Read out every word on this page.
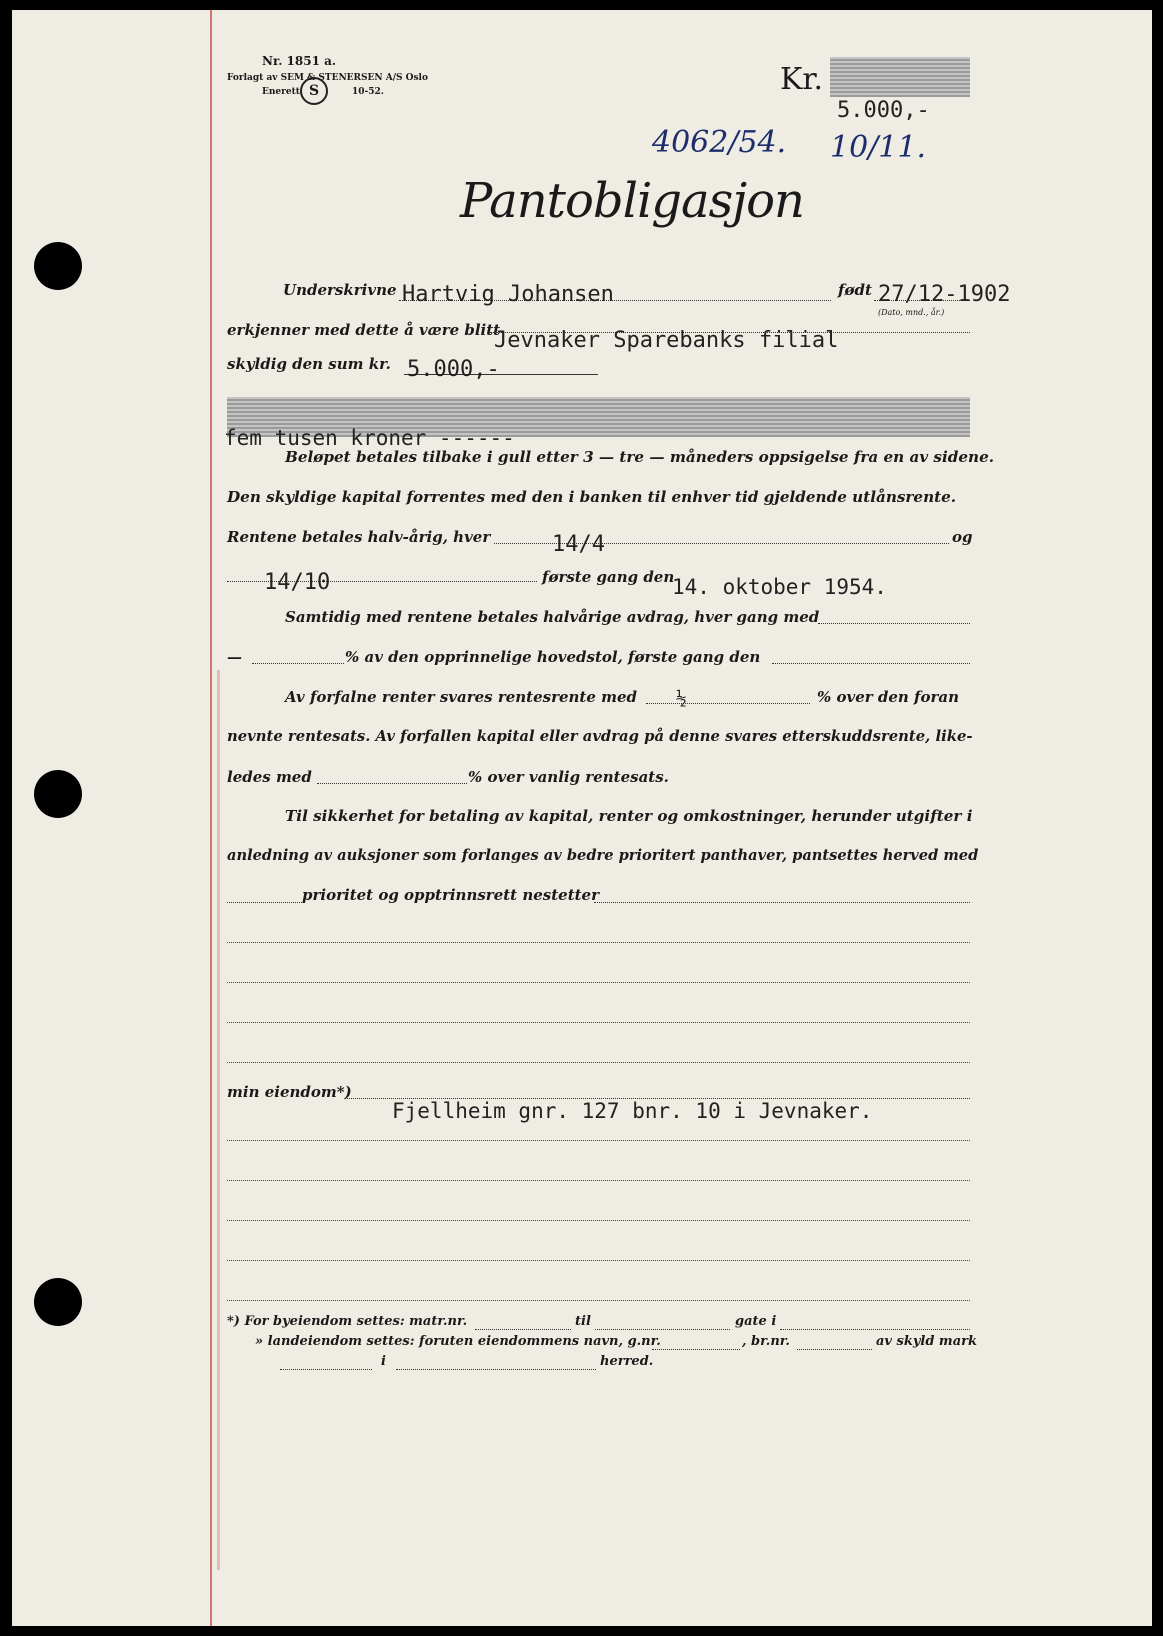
Nr. 1851 a.
Forlagt av SEM & STENERSEN A/S Oslo
Enerett	10-52.
S	Kr.
5.000,-
4062/54. 10/11.
Pantobligasjon
Underskrivne Hartvig Johansen	født 27/12-1902
(Dato, mnd., år.)
erkjenner med dette å være blitt
Jevnaker Sparebanks filial
skyldig den sum kr. 5.000,-
fem tusen kroner ------
Beløpet betales tilbake i gull etter 3 — tre — måneders oppsigelse fra en av sidene.
Den skyldige kapital forrentes med den i banken til enhver tid gjeldende utlånsrente.
Rentene betales halv-årig, hver	14/4	og
14/10	første gang den
14. oktober 1954.
Samtidig med rentene betales halvårige avdrag, hver gang med
—	% av den opprinnelige hovedstol, første gang den
Av forfalne renter svares rentesrente med ½	% over den foran
nevnte rentesats. Av forfallen kapital eller avdrag på denne svares etterskuddsrente, like-
ledes med	% over vanlig rentesats.
Til sikkerhet for betaling av kapital, renter og omkostninger, herunder utgifter i
anledning av auksjoner som forlanges av bedre prioritert panthaver, pantsettes herved med
prioritet og opptrinnsrett nestetter
min eiendom*)
Fjellheim gnr. 127 bnr. 10 i Jevnaker.
*) For byeiendom settes: matr.nr.	til	gate i
» landeiendom settes: foruten eiendommens navn, g.nr.	, br.nr.	av skyld mark
i	herred.
